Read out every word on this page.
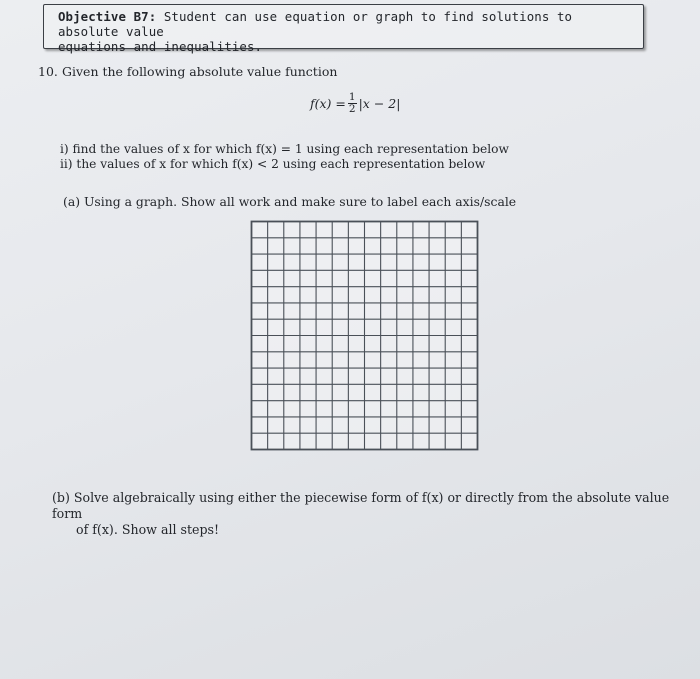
Objective B7: Student can use equation or graph to find solutions to absolute value
equations and inequalities.
10. Given the following absolute value function
$f(x) = \frac{1}{2} |x - 2|$
i) find the values of x for which f(x) = 1 using each representation below
ii) the values of x for which f(x) < 2 using each representation below
(a) Using a graph. Show all work and make sure to label each axis/scale
(b) Solve algebraically using either the piecewise form of f(x) or directly from the absolute value form
of f(x). Show all steps!
